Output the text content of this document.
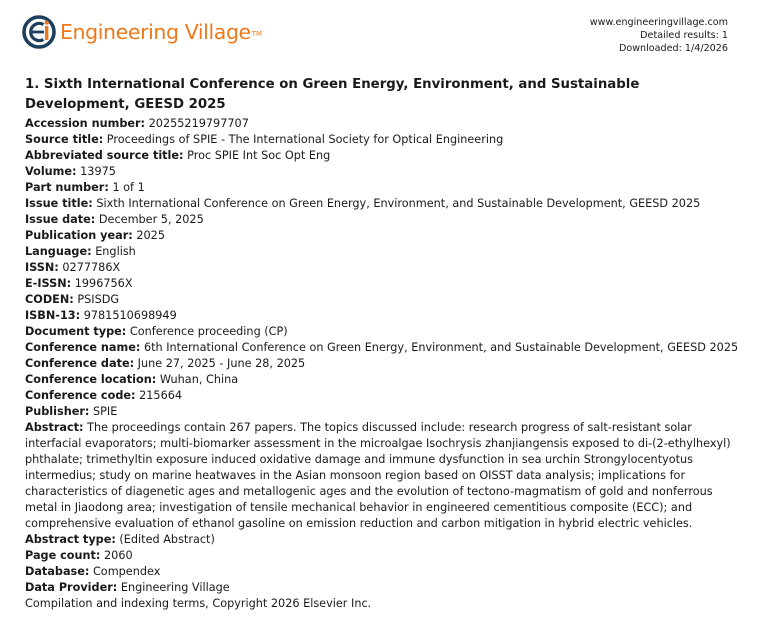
Engineering Village TM
www.engineeringvillage.com
Detailed results: 1
Downloaded: 1/4/2026
1. Sixth International Conference on Green Energy, Environment, and Sustainable Development, GEESD 2025
Accession number: 20255219797707
Source title: Proceedings of SPIE - The International Society for Optical Engineering
Abbreviated source title: Proc SPIE Int Soc Opt Eng
Volume: 13975
Part number: 1 of 1
Issue title: Sixth International Conference on Green Energy, Environment, and Sustainable Development, GEESD 2025
Issue date: December 5, 2025
Publication year: 2025
Language: English
ISSN: 0277786X
E-ISSN: 1996756X
CODEN: PSISDG
ISBN-13: 9781510698949
Document type: Conference proceeding (CP)
Conference name: 6th International Conference on Green Energy, Environment, and Sustainable Development, GEESD 2025
Conference date: June 27, 2025 - June 28, 2025
Conference location: Wuhan, China
Conference code: 215664
Publisher: SPIE
Abstract: The proceedings contain 267 papers. The topics discussed include: research progress of salt-resistant solar interfacial evaporators; multi-biomarker assessment in the microalgae Isochrysis zhanjiangensis exposed to di-(2-ethylhexyl) phthalate; trimethyltin exposure induced oxidative damage and immune dysfunction in sea urchin Strongylocentyotus intermedius; study on marine heatwaves in the Asian monsoon region based on OISST data analysis; implications for characteristics of diagenetic ages and metallogenic ages and the evolution of tectono-magmatism of gold and nonferrous metal in Jiaodong area; investigation of tensile mechanical behavior in engineered cementitious composite (ECC); and comprehensive evaluation of ethanol gasoline on emission reduction and carbon mitigation in hybrid electric vehicles.
Abstract type: (Edited Abstract)
Page count: 2060
Database: Compendex
Data Provider: Engineering Village
Compilation and indexing terms, Copyright 2026 Elsevier Inc.
